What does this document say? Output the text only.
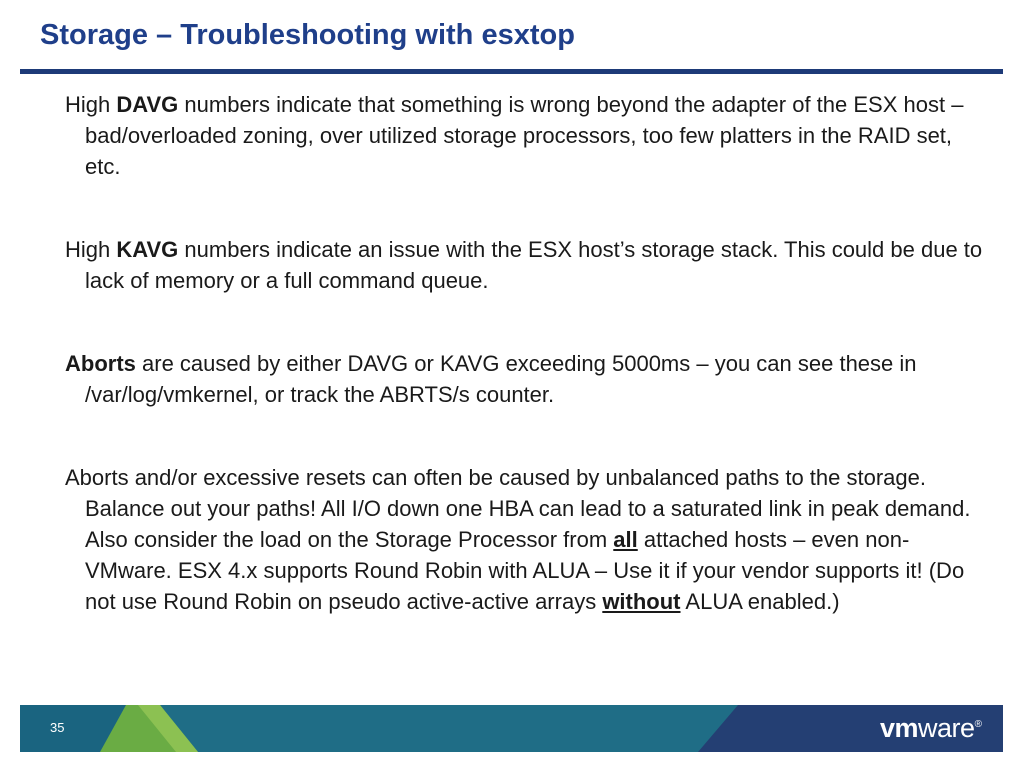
Storage – Troubleshooting with esxtop

High DAVG numbers indicate that something is wrong beyond the adapter of the ESX host – bad/overloaded zoning, over utilized storage processors, too few platters in the RAID set, etc.

High KAVG numbers indicate an issue with the ESX host’s storage stack. This could be due to lack of memory or a full command queue.

Aborts are caused by either DAVG or KAVG exceeding 5000ms – you can see these in /var/log/vmkernel, or track the ABRTS/s counter.

Aborts and/or excessive resets can often be caused by unbalanced paths to the storage. Balance out your paths! All I/O down one HBA can lead to a saturated link in peak demand. Also consider the load on the Storage Processor from all attached hosts – even non-VMware. ESX 4.x supports Round Robin with ALUA – Use it if your vendor supports it! (Do not use Round Robin on pseudo active-active arrays without ALUA enabled.)

35	vmware®
